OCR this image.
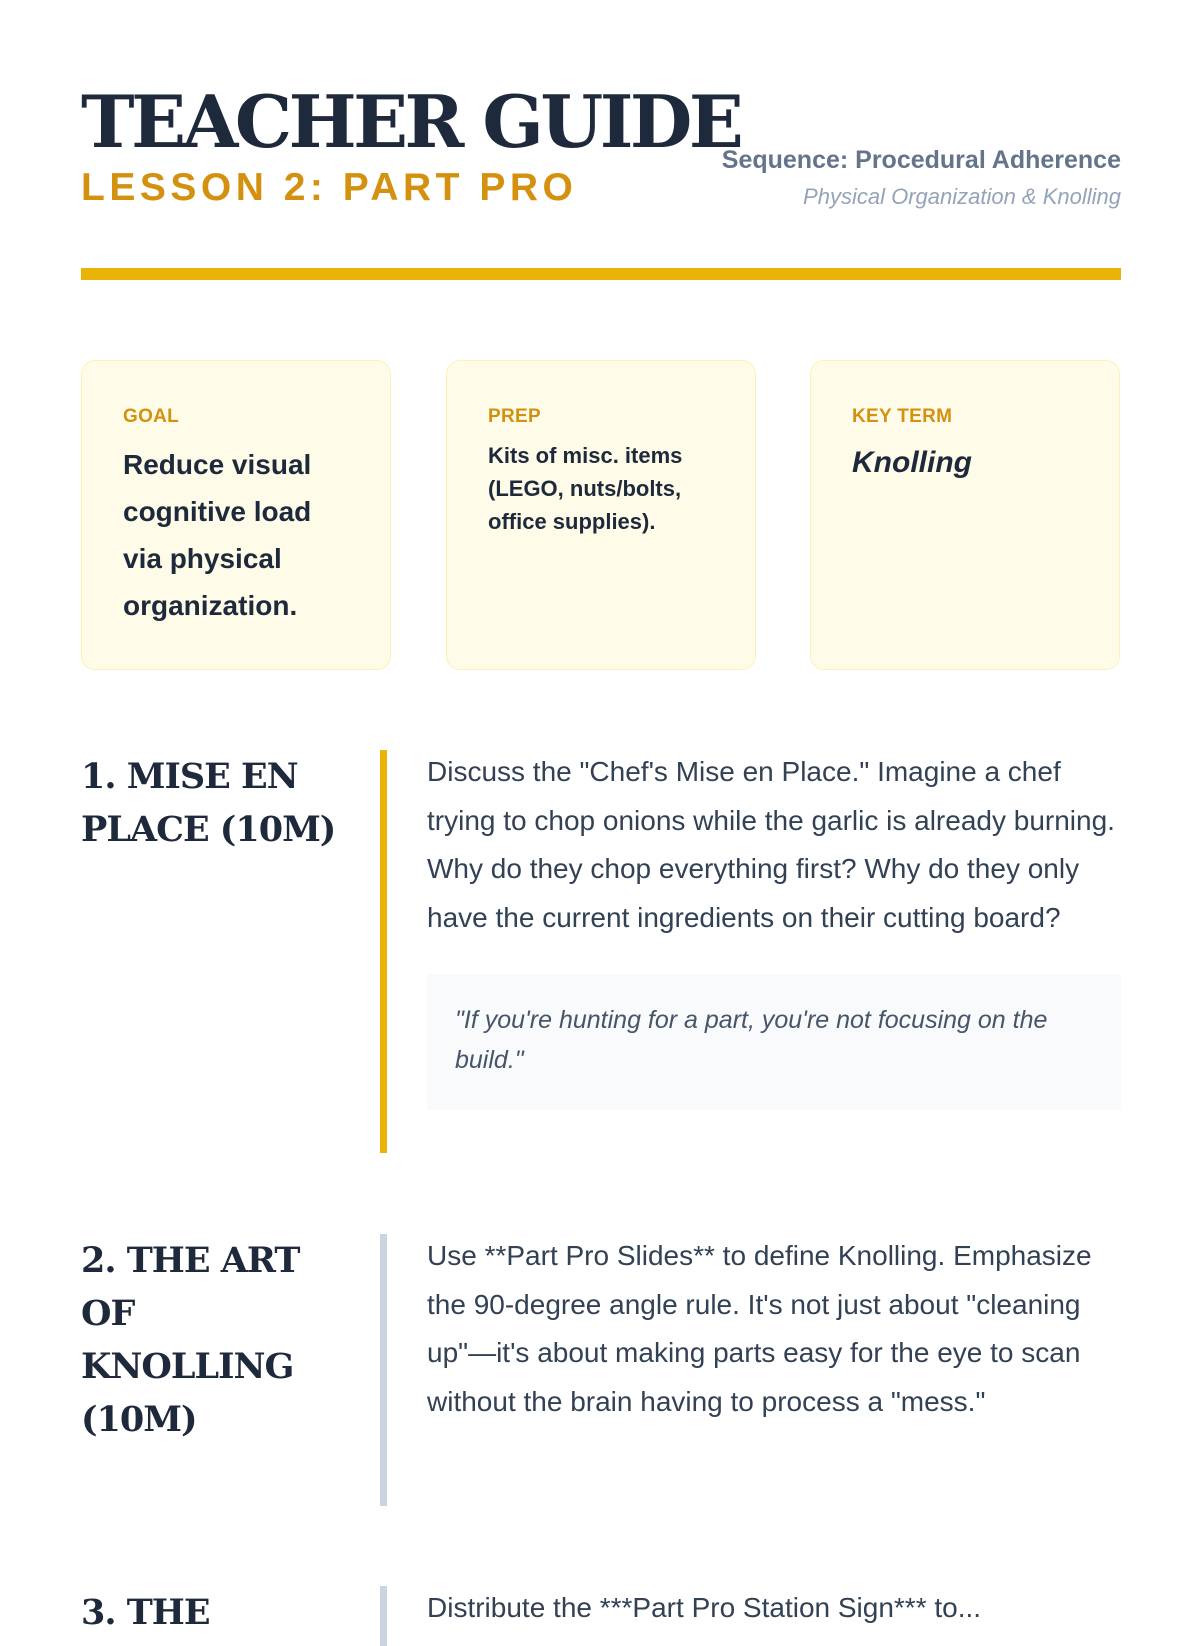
TEACHER GUIDE
LESSON 2: PART PRO
Sequence: Procedural Adherence
Physical Organization & Knolling
GOAL
Reduce visual cognitive load via physical organization.
PREP
Kits of misc. items (LEGO, nuts/bolts, office supplies).
KEY TERM
Knolling
1. MISE EN PLACE (10M)

Discuss the "Chef's Mise en Place." Imagine a chef trying to chop onions while the garlic is already burning. Why do they chop everything first? Why do they only have the current ingredients on their cutting board?

"If you're hunting for a part, you're not focusing on the build."
2. THE ART OF KNOLLING (10M)

Use **Part Pro Slides** to define Knolling. Emphasize the 90-degree angle rule. It's not just about "cleaning up"—it's about making parts easy for the eye to scan without the brain having to process a "mess."

3. THE	Distribute the ***Part Pro Station Sign*** to...
